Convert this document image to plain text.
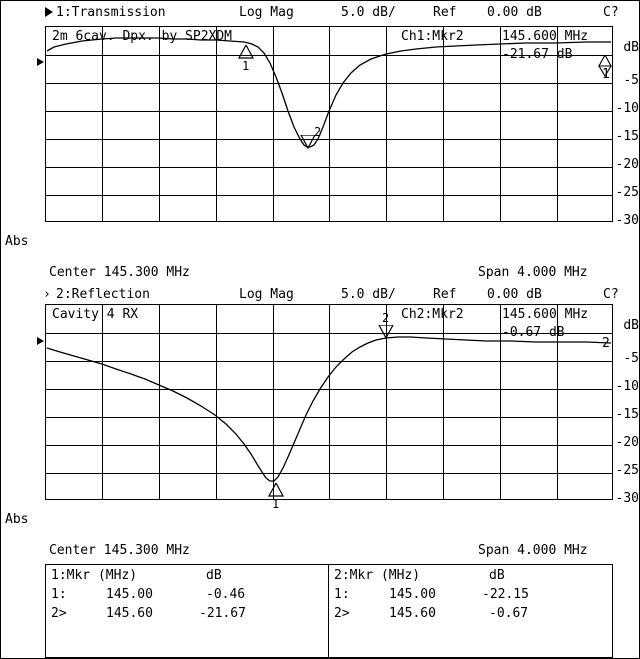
1:Transmission	Log Mag	5.0 dB/	Ref 0.00 dB	C?
1
2
2m 6cav. Dpx. by SP2XDM	Ch1:Mkr2	145.600 MHz
-21.67 dB
1
dB
-5
-10
-15
-20
-25
-30
Abs
Center 145.300 MHz	Span 4.000 MHz
› 2:Reflection	Log Mag	5.0 dB/	Ref 0.00 dB	C?
2
1
Cavity 4 RX	Ch2:Mkr2	145.600 MHz
-0.67 dB
2
dB
-5
-10
-15
-20
-25
-30
Abs
Center 145.300 MHz	Span 4.000 MHz
1:Mkr (MHz)	dB
1:	145.00	-0.46
2>	145.60	-21.67
2:Mkr (MHz)	dB
1:	145.00	-22.15
2>	145.60	-0.67
